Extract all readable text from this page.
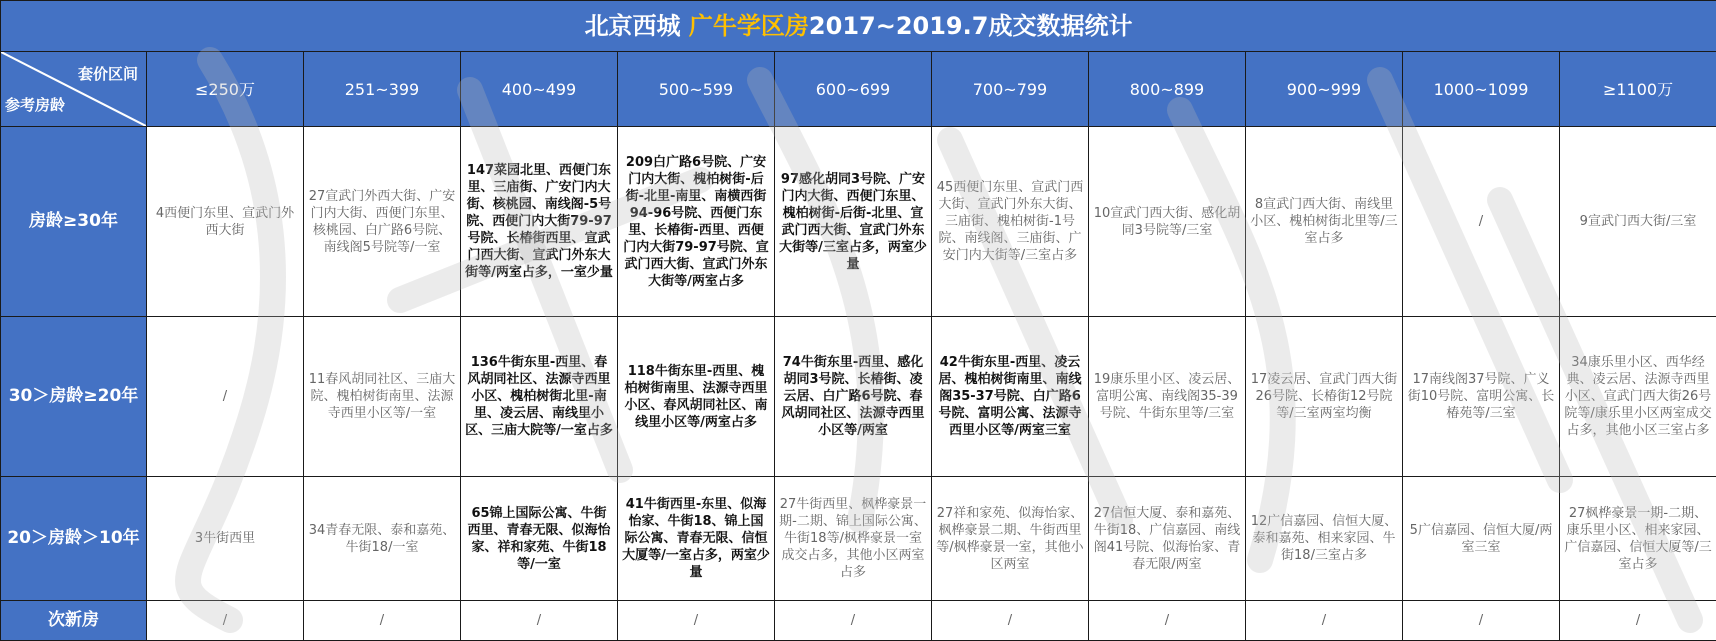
北京西城 广牛学区房2017~2019.7成交数据统计										

套价区间
参考房龄	≤250万	251~399	400~499	500~599	600~699	700~799	800~899	900~999	1000~1099	≥1100万
房龄≥30年	4西便门东里、宣武门外西大街	27宣武门外西大街、广安门内大街、西便门东里、核桃园、白广路6号院、南线阁5号院等/一室	147菜园北里、西便门东里、三庙街、广安门内大街、核桃园、南线阁-5号院、西便门内大街79-97号院、长椿街西里、宣武门西大街、宣武门外东大街等/两室占多，一室少量	209白广路6号院、广安门内大街、槐柏树街-后街-北里-南里、南横西街94-96号院、西便门东里、长椿街-西里、西便门内大街79-97号院、宣武门西大街、宣武门外东大街等/两室占多	97感化胡同3号院、广安门内大街、西便门东里、槐柏树街-后街-北里、宣武门西大街、宣武门外东大街等/三室占多，两室少量	45西便门东里、宣武门西大街、宣武门外东大街、三庙街、槐柏树街-1号院、南线阁、三庙街、广安门内大街等/三室占多	10宣武门西大街、感化胡同3号院等/三室	8宣武门西大街、南线里小区、槐柏树街北里等/三室占多	/	9宣武门西大街/三室
30＞房龄≥20年	/	11春风胡同社区、三庙大院、槐柏树街南里、法源寺西里小区等/一室	136牛街东里-西里、春风胡同社区、法源寺西里小区、槐柏树街北里-南里、凌云居、南线里小区、三庙大院等/一室占多	118牛街东里-西里、槐柏树街南里、法源寺西里小区、春风胡同社区、南线里小区等/两室占多	74牛街东里-西里、感化胡同3号院、长椿街、凌云居、白广路6号院、春风胡同社区、法源寺西里小区等/两室	42牛街东里-西里、凌云居、槐柏树街南里、南线阁35-37号院、白广路6号院、富明公寓、法源寺西里小区等/两室三室	19康乐里小区、凌云居、富明公寓、南线阁35-39号院、牛街东里等/三室	17凌云居、宣武门西大街26号院、长椿街12号院等/三室两室均衡	17南线阁37号院、广义街10号院、富明公寓、长椿苑等/三室	34康乐里小区、西华经典、凌云居、法源寺西里小区、宣武门西大街26号院等/康乐里小区两室成交占多，其他小区三室占多
20＞房龄＞10年	3牛街西里	34青春无限、泰和嘉苑、牛街18/一室	65锦上国际公寓、牛街西里、青春无限、似海怡家、祥和家苑、牛街18等/一室	41牛街西里-东里、似海怡家、牛街18、锦上国际公寓、青春无限、信恒大厦等/一室占多，两室少量	27牛街西里、枫桦豪景一期-二期、锦上国际公寓、牛街18等/枫桦豪景一室成交占多，其他小区两室占多	27祥和家苑、似海怡家、枫桦豪景二期、牛街西里等/枫桦豪景一室，其他小区两室	27信恒大厦、泰和嘉苑、牛街18、广信嘉园、南线阁41号院、似海怡家、青春无限/两室	12广信嘉园、信恒大厦、泰和嘉苑、相来家园、牛街18/三室占多	5广信嘉园、信恒大厦/两室三室	27枫桦豪景一期-二期、康乐里小区、相来家园、广信嘉园、信恒大厦等/三室占多
次新房	/	/	/	/	/	/	/	/	/	/
